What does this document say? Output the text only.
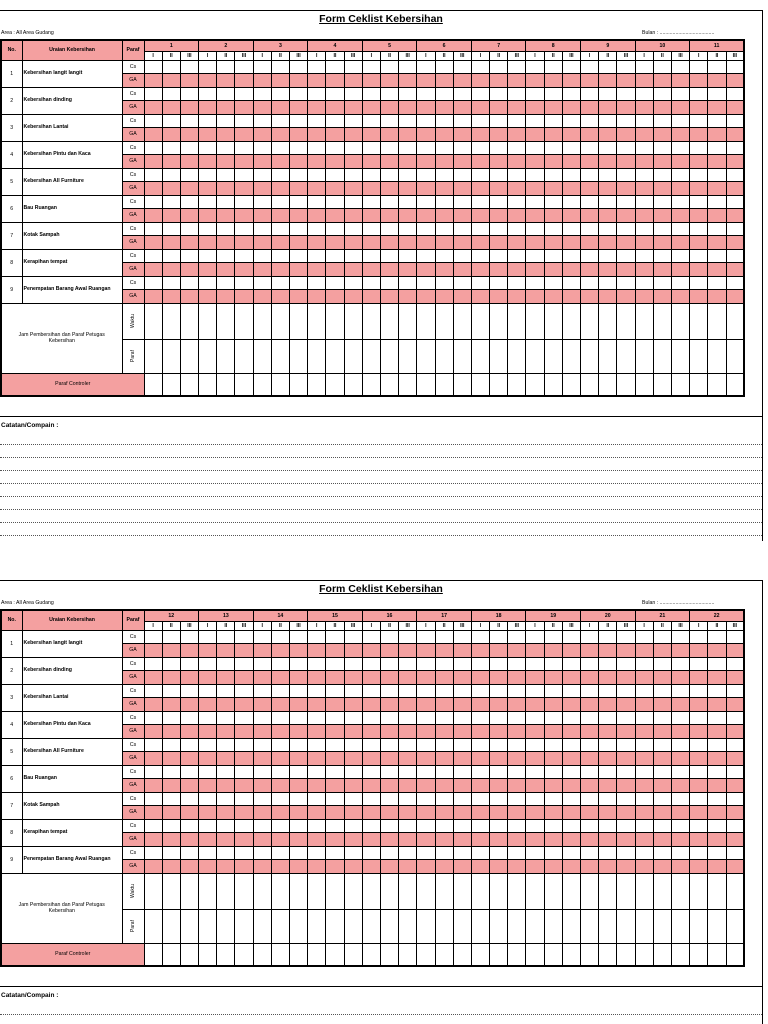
Form Ceklist Kebersihan
Area : All Area Gudang	Bulan : ......................................
No.	Uraian Kebersihan	Paraf	1			2			3			4			5			6			7			8			9			10			11		
			I	II	III	I	II	III	I	II	III	I	II	III	I	II	III	I	II	III	I	II	III	I	II	III	I	II	III	I	II	III	I	II	III
1	Kebersihan langit langit	Cs																																	
		GA																																	
2	Kebersihan dinding	Cs																																	
		GA																																	
3	Kebersihan Lantai	Cs																																	
		GA																																	
4	Kebersihan Pintu dan Kaca	Cs																																	
		GA																																	
5	Kebersihan All Furniture	Cs																																	
		GA																																	
6	Bau Ruangan	Cs																																	
		GA																																	
7	Kotak Sampah	Cs																																	
		GA																																	
8	Kerapihan tempat	Cs																																	
		GA																																	
9	Penempatan Barang Awal Ruangan	Cs																																	
		GA																																	
Jam Pembersihan dan Paraf Petugas Kebersihan		Waktu																																	
		Paraf																																	
Paraf Controler																																			
Catatan/Compain :
Form Ceklist Kebersihan
Area : All Area Gudang	Bulan : ......................................
No.	Uraian Kebersihan	Paraf	12			13			14			15			16			17			18			19			20			21			22		
			I	II	III	I	II	III	I	II	III	I	II	III	I	II	III	I	II	III	I	II	III	I	II	III	I	II	III	I	II	III	I	II	III
1	Kebersihan langit langit	Cs																																	
		GA																																	
2	Kebersihan dinding	Cs																																	
		GA																																	
3	Kebersihan Lantai	Cs																																	
		GA																																	
4	Kebersihan Pintu dan Kaca	Cs																																	
		GA																																	
5	Kebersihan All Furniture	Cs																																	
		GA																																	
6	Bau Ruangan	Cs																																	
		GA																																	
7	Kotak Sampah	Cs																																	
		GA																																	
8	Kerapihan tempat	Cs																																	
		GA																																	
9	Penempatan Barang Awal Ruangan	Cs																																	
		GA																																	
Jam Pembersihan dan Paraf Petugas Kebersihan		Waktu																																	
		Paraf																																	
Paraf Controler																																			
Catatan/Compain :
